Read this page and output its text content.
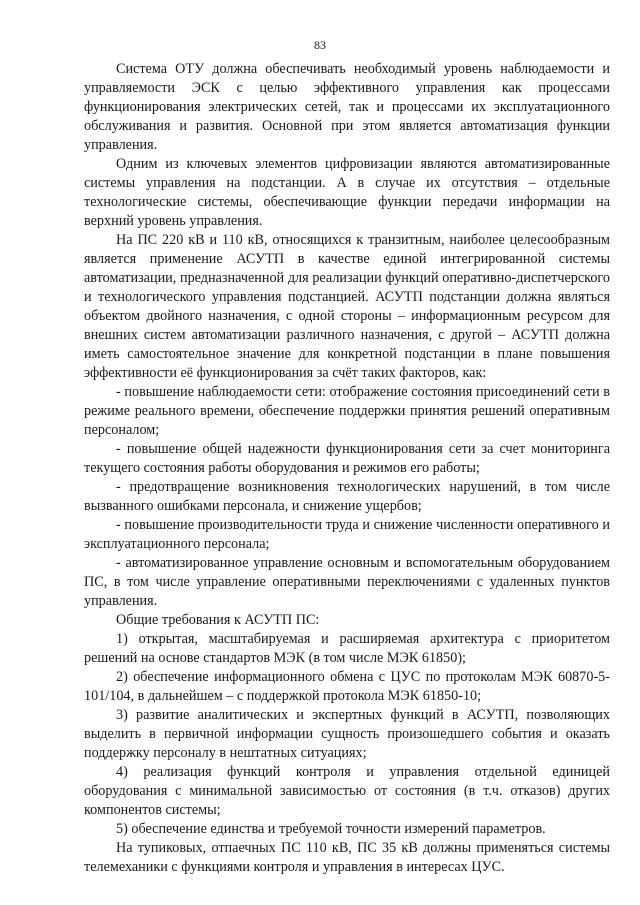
83

Система ОТУ должна обеспечивать необходимый уровень наблюдаемости и управляемости ЭСК с целью эффективного управления как процессами функционирования электрических сетей, так и процессами их эксплуатационного обслуживания и развития. Основной при этом является автоматизация функции управления.

Одним из ключевых элементов цифровизации являются автоматизированные системы управления на подстанции. А в случае их отсутствия – отдельные технологические системы, обеспечивающие функции передачи информации на верхний уровень управления.

На ПС 220 кВ и 110 кВ, относящихся к транзитным, наиболее целесообразным является применение АСУТП в качестве единой интегрированной системы автоматизации, предназначенной для реализации функций оперативно-диспетчерского и технологического управления подстанцией. АСУТП подстанции должна являться объектом двойного назначения, с одной стороны – информационным ресурсом для внешних систем автоматизации различного назначения, с другой – АСУТП должна иметь самостоятельное значение для конкретной подстанции в плане повышения эффективности её функционирования за счёт таких факторов, как:

- повышение наблюдаемости сети: отображение состояния присоединений сети в режиме реального времени, обеспечение поддержки принятия решений оперативным персоналом;

- повышение общей надежности функционирования сети за счет мониторинга текущего состояния работы оборудования и режимов его работы;

- предотвращение возникновения технологических нарушений, в том числе вызванного ошибками персонала, и снижение ущербов;

- повышение производительности труда и снижение численности оперативного и эксплуатационного персонала;

- автоматизированное управление основным и вспомогательным оборудованием ПС, в том числе управление оперативными переключениями с удаленных пунктов управления.

Общие требования к АСУТП ПС:

1) открытая, масштабируемая и расширяемая архитектура с приоритетом решений на основе стандартов МЭК (в том числе МЭК 61850);

2) обеспечение информационного обмена с ЦУС по протоколам МЭК 60870-5-101/104, в дальнейшем – с поддержкой протокола МЭК 61850-10;

3) развитие аналитических и экспертных функций в АСУТП, позволяющих выделить в первичной информации сущность произошедшего события и оказать поддержку персоналу в нештатных ситуациях;

4) реализация функций контроля и управления отдельной единицей оборудования с минимальной зависимостью от состояния (в т.ч. отказов) других компонентов системы;

5) обеспечение единства и требуемой точности измерений параметров.

На тупиковых, отпаечных ПС 110 кВ, ПС 35 кВ должны применяться системы телемеханики с функциями контроля и управления в интересах ЦУС.
